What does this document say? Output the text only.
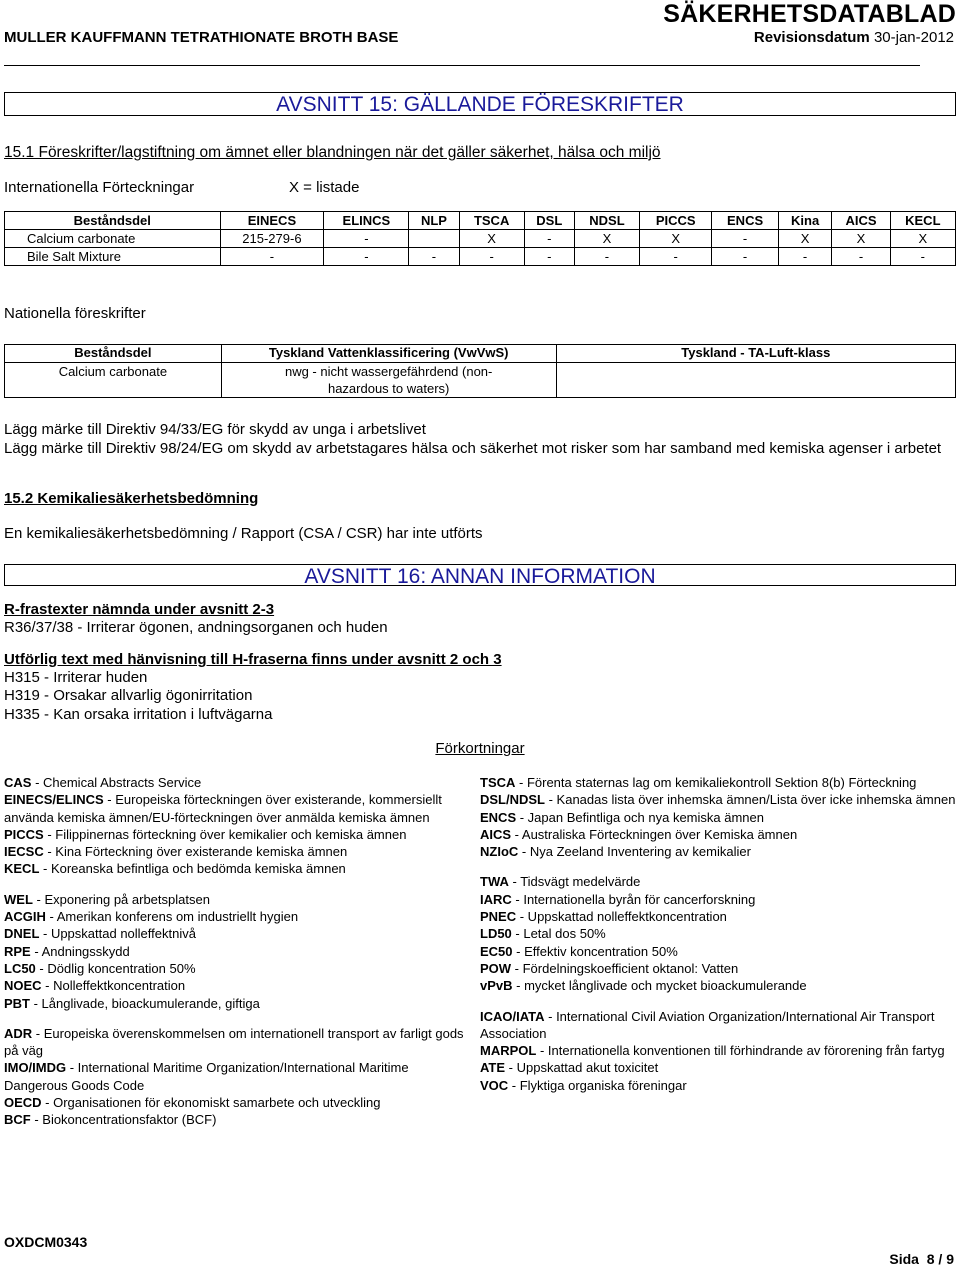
SÄKERHETSDATABLAD
MULLER KAUFFMANN TETRATHIONATE BROTH BASE	Revisionsdatum 30-jan-2012
AVSNITT 15: GÄLLANDE FÖRESKRIFTER
15.1 Föreskrifter/lagstiftning om ämnet eller blandningen när det gäller säkerhet, hälsa och miljö
Internationella Förteckningar	X = listade
Beståndsdel	EINECS	ELINCS	NLP	TSCA	DSL	NDSL	PICCS	ENCS	Kina	AICS	KECL
Calcium carbonate	215-279-6	-		X	-	X	X	-	X	X	X
Bile Salt Mixture	-	-	-	-	-	-	-	-	-	-	-
Nationella föreskrifter
Beståndsdel	Tyskland Vattenklassificering (VwVwS)	Tyskland - TA-Luft-klass
Calcium carbonate	nwg - nicht wassergefährdend (non-hazardous to waters)	
Lägg märke till Direktiv 94/33/EG för skydd av unga i arbetslivet
Lägg märke till Direktiv 98/24/EG om skydd av arbetstagares hälsa och säkerhet mot risker som har samband med kemiska agenser i arbetet
15.2 Kemikaliesäkerhetsbedömning
En kemikaliesäkerhetsbedömning / Rapport (CSA / CSR) har inte utförts
AVSNITT 16: ANNAN INFORMATION
R-frastexter nämnda under avsnitt 2-3
R36/37/38 - Irriterar ögonen, andningsorganen och huden
Utförlig text med hänvisning till H-fraserna finns under avsnitt 2 och 3
H315 - Irriterar huden
H319 - Orsakar allvarlig ögonirritation
H335 - Kan orsaka irritation i luftvägarna
Förkortningar
CAS - Chemical Abstracts Service
EINECS/ELINCS - Europeiska förteckningen över existerande, kommersiellt använda kemiska ämnen/EU-förteckningen över anmälda kemiska ämnen
PICCS - Filippinernas förteckning över kemikalier och kemiska ämnen
IECSC - Kina Förteckning över existerande kemiska ämnen
KECL - Koreanska befintliga och bedömda kemiska ämnen
WEL - Exponering på arbetsplatsen
ACGIH - Amerikan konferens om industriellt hygien
DNEL - Uppskattad nolleffektnivå
RPE - Andningsskydd
LC50 - Dödlig koncentration 50%
NOEC - Nolleffektkoncentration
PBT - Långlivade, bioackumulerande, giftiga
ADR - Europeiska överenskommelsen om internationell transport av farligt gods på väg
IMO/IMDG - International Maritime Organization/International Maritime Dangerous Goods Code
OECD - Organisationen för ekonomiskt samarbete och utveckling
BCF - Biokoncentrationsfaktor (BCF)
TSCA - Förenta staternas lag om kemikaliekontroll Sektion 8(b) Förteckning
DSL/NDSL - Kanadas lista över inhemska ämnen/Lista över icke inhemska ämnen
ENCS - Japan Befintliga och nya kemiska ämnen
AICS - Australiska Förteckningen över Kemiska ämnen
NZIoC - Nya Zeeland Inventering av kemikalier
TWA - Tidsvägt medelvärde
IARC - Internationella byrån för cancerforskning
PNEC - Uppskattad nolleffektkoncentration
LD50 - Letal dos 50%
EC50 - Effektiv koncentration 50%
POW - Fördelningskoefficient oktanol: Vatten
vPvB - mycket långlivade och mycket bioackumulerande
ICAO/IATA - International Civil Aviation Organization/International Air Transport Association
MARPOL - Internationella konventionen till förhindrande av förorening från fartyg
ATE - Uppskattad akut toxicitet
VOC - Flyktiga organiska föreningar
OXDCM0343
Sida 8 / 9
